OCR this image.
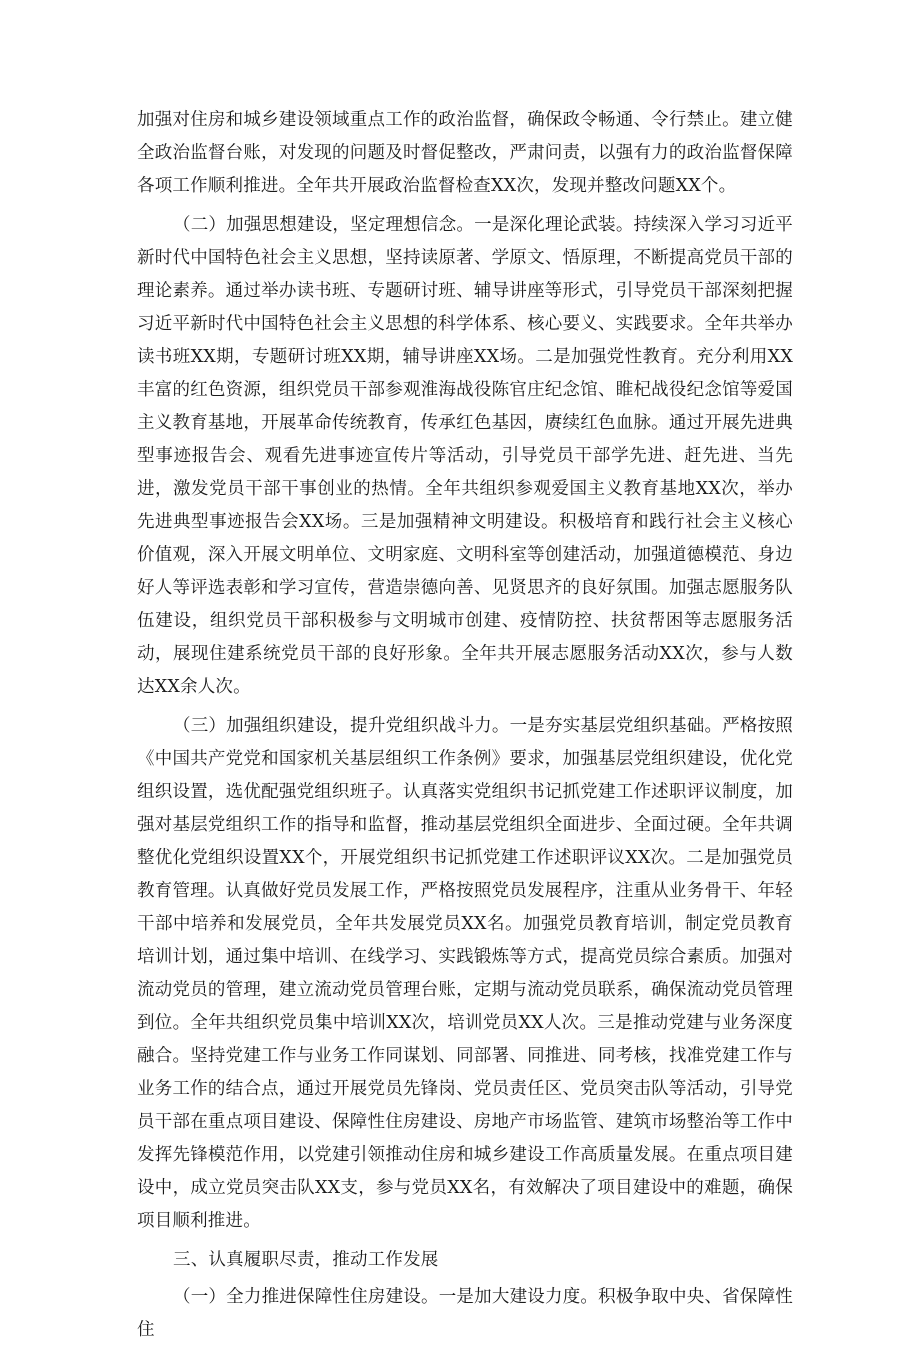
加强对住房和城乡建设领域重点工作的政治监督，确保政令畅通、令行禁止。建立健全政治监督台账，对发现的问题及时督促整改，严肃问责，以强有力的政治监督保障各项工作顺利推进。全年共开展政治监督检查XX次，发现并整改问题XX个。

（二）加强思想建设，坚定理想信念。一是深化理论武装。持续深入学习习近平新时代中国特色社会主义思想，坚持读原著、学原文、悟原理，不断提高党员干部的理论素养。通过举办读书班、专题研讨班、辅导讲座等形式，引导党员干部深刻把握习近平新时代中国特色社会主义思想的科学体系、核心要义、实践要求。全年共举办读书班XX期，专题研讨班XX期，辅导讲座XX场。二是加强党性教育。充分利用XX丰富的红色资源，组织党员干部参观淮海战役陈官庄纪念馆、睢杞战役纪念馆等爱国主义教育基地，开展革命传统教育，传承红色基因，赓续红色血脉。通过开展先进典型事迹报告会、观看先进事迹宣传片等活动，引导党员干部学先进、赶先进、当先进，激发党员干部干事创业的热情。全年共组织参观爱国主义教育基地XX次，举办先进典型事迹报告会XX场。三是加强精神文明建设。积极培育和践行社会主义核心价值观，深入开展文明单位、文明家庭、文明科室等创建活动，加强道德模范、身边好人等评选表彰和学习宣传，营造崇德向善、见贤思齐的良好氛围。加强志愿服务队伍建设，组织党员干部积极参与文明城市创建、疫情防控、扶贫帮困等志愿服务活动，展现住建系统党员干部的良好形象。全年共开展志愿服务活动XX次，参与人数达XX余人次。

（三）加强组织建设，提升党组织战斗力。一是夯实基层党组织基础。严格按照《中国共产党党和国家机关基层组织工作条例》要求，加强基层党组织建设，优化党组织设置，选优配强党组织班子。认真落实党组织书记抓党建工作述职评议制度，加强对基层党组织工作的指导和监督，推动基层党组织全面进步、全面过硬。全年共调整优化党组织设置XX个，开展党组织书记抓党建工作述职评议XX次。二是加强党员教育管理。认真做好党员发展工作，严格按照党员发展程序，注重从业务骨干、年轻干部中培养和发展党员，全年共发展党员XX名。加强党员教育培训，制定党员教育培训计划，通过集中培训、在线学习、实践锻炼等方式，提高党员综合素质。加强对流动党员的管理，建立流动党员管理台账，定期与流动党员联系，确保流动党员管理到位。全年共组织党员集中培训XX次，培训党员XX人次。三是推动党建与业务深度融合。坚持党建工作与业务工作同谋划、同部署、同推进、同考核，找准党建工作与业务工作的结合点，通过开展党员先锋岗、党员责任区、党员突击队等活动，引导党员干部在重点项目建设、保障性住房建设、房地产市场监管、建筑市场整治等工作中发挥先锋模范作用，以党建引领推动住房和城乡建设工作高质量发展。在重点项目建设中，成立党员突击队XX支，参与党员XX名，有效解决了项目建设中的难题，确保项目顺利推进。

三、认真履职尽责，推动工作发展

（一）全力推进保障性住房建设。一是加大建设力度。积极争取中央、省保障性住
